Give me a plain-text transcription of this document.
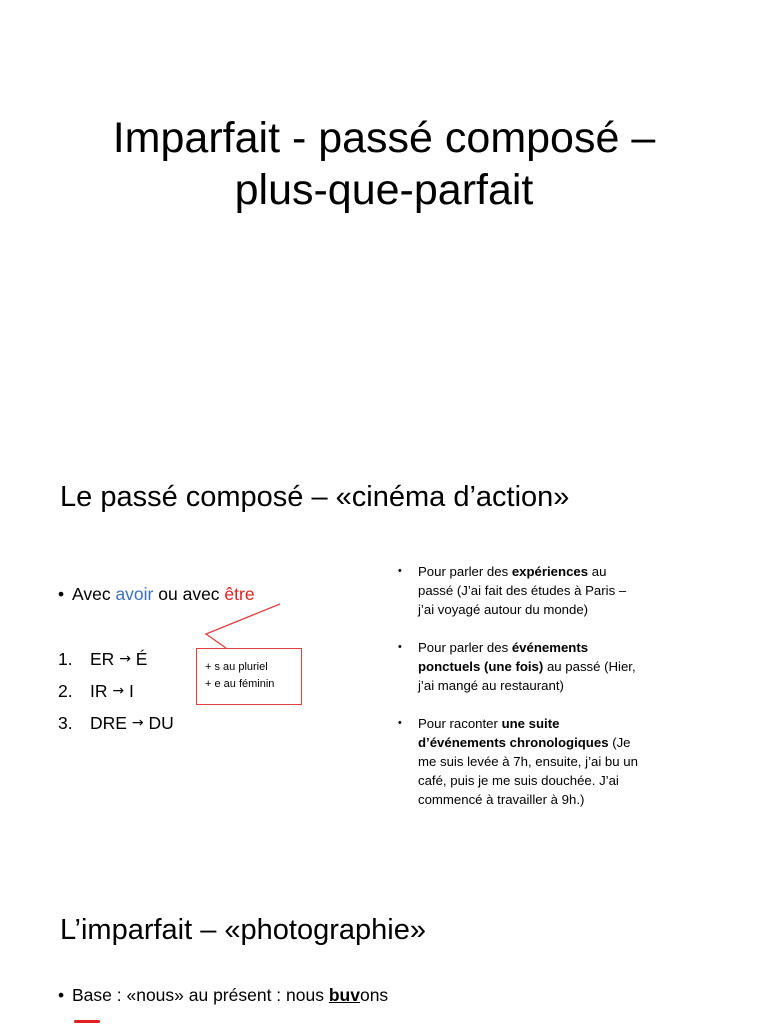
Imparfait - passé composé –
plus-que-parfait
Le passé composé – «cinéma d’action»
• Avec avoir ou avec être
1. ER
→
É
2. IR
→
I
3. DRE
→
DU
+ s au pluriel
+ e au féminin
•	Pour parler des expériences au passé (J’ai fait des études à Paris – j’ai voyagé autour du monde)
•	Pour parler des événements ponctuels (une fois) au passé (Hier, j’ai mangé au restaurant)
•	Pour raconter une suite d’événements chronologiques (Je me suis levée à 7h, ensuite, j’ai bu un café, puis je me suis douchée. J’ai commencé à travailler à 9h.)
L’imparfait – «photographie»
• Base : «nous» au présent : nous buvons
